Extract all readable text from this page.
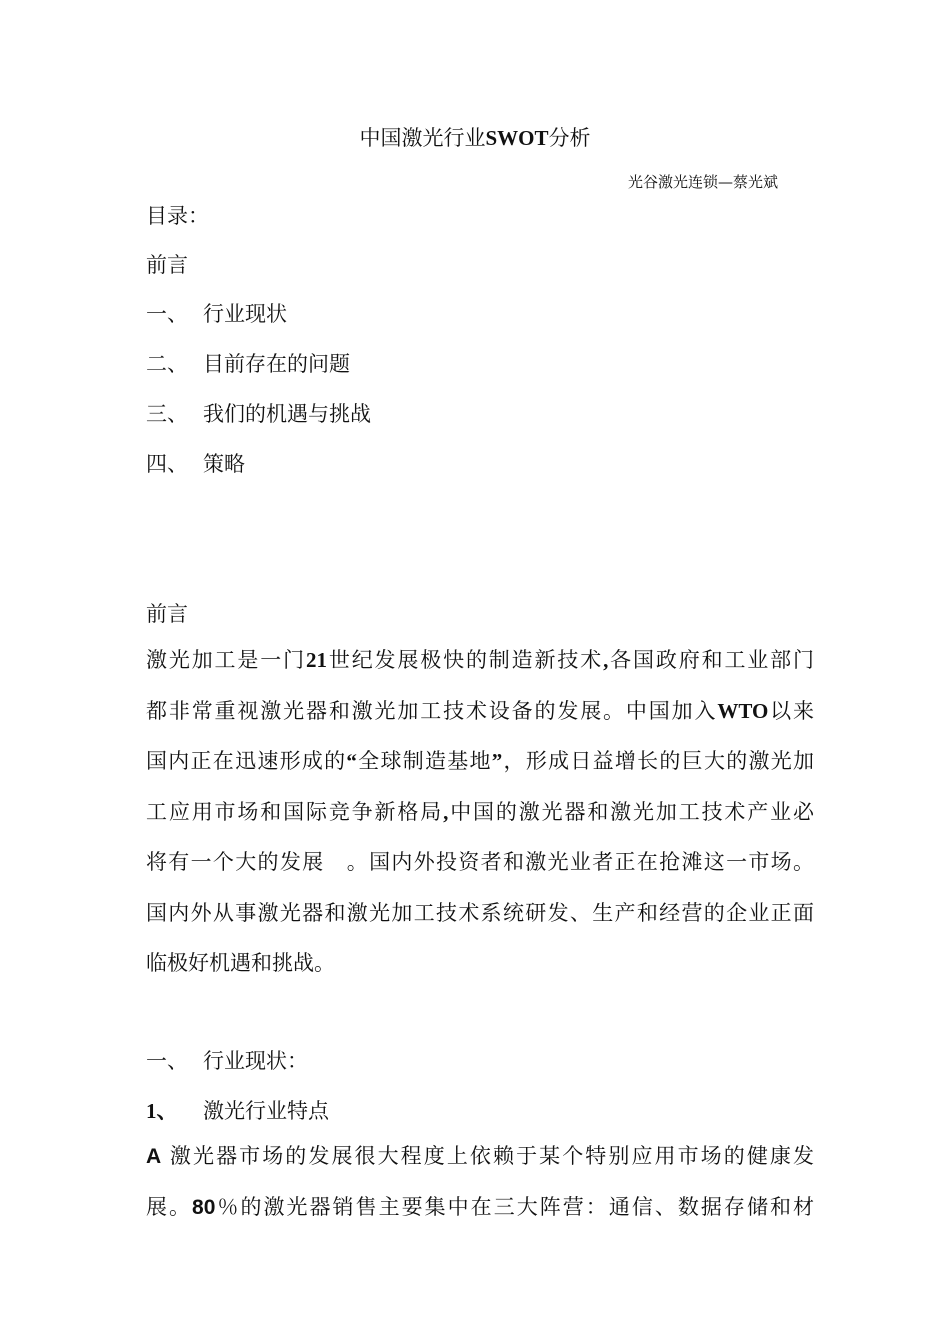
中国激光行业SWOT分析
光谷激光连锁—蔡光斌
目录：
前言
一、 行业现状
二、 目前存在的问题
三、 我们的机遇与挑战
四、 策略
前言
激光加工是一门21世纪发展极快的制造新技术,各国政府和工业部门
都非常重视激光器和激光加工技术设备的发展。中国加入WTO以来
国内正在迅速形成的“全球制造基地”，形成日益增长的巨大的激光加
工应用市场和国际竞争新格局,中国的激光器和激光加工技术产业必
将有一个大的发展　。国内外投资者和激光业者正在抢滩这一市场。
国内外从事激光器和激光加工技术系统研发、生产和经营的企业正面
临极好机遇和挑战。
一、 行业现状：
1、 激光行业特点
A 激光器市场的发展很大程度上依赖于某个特别应用市场的健康发
展。80％的激光器销售主要集中在三大阵营：通信、数据存储和材
